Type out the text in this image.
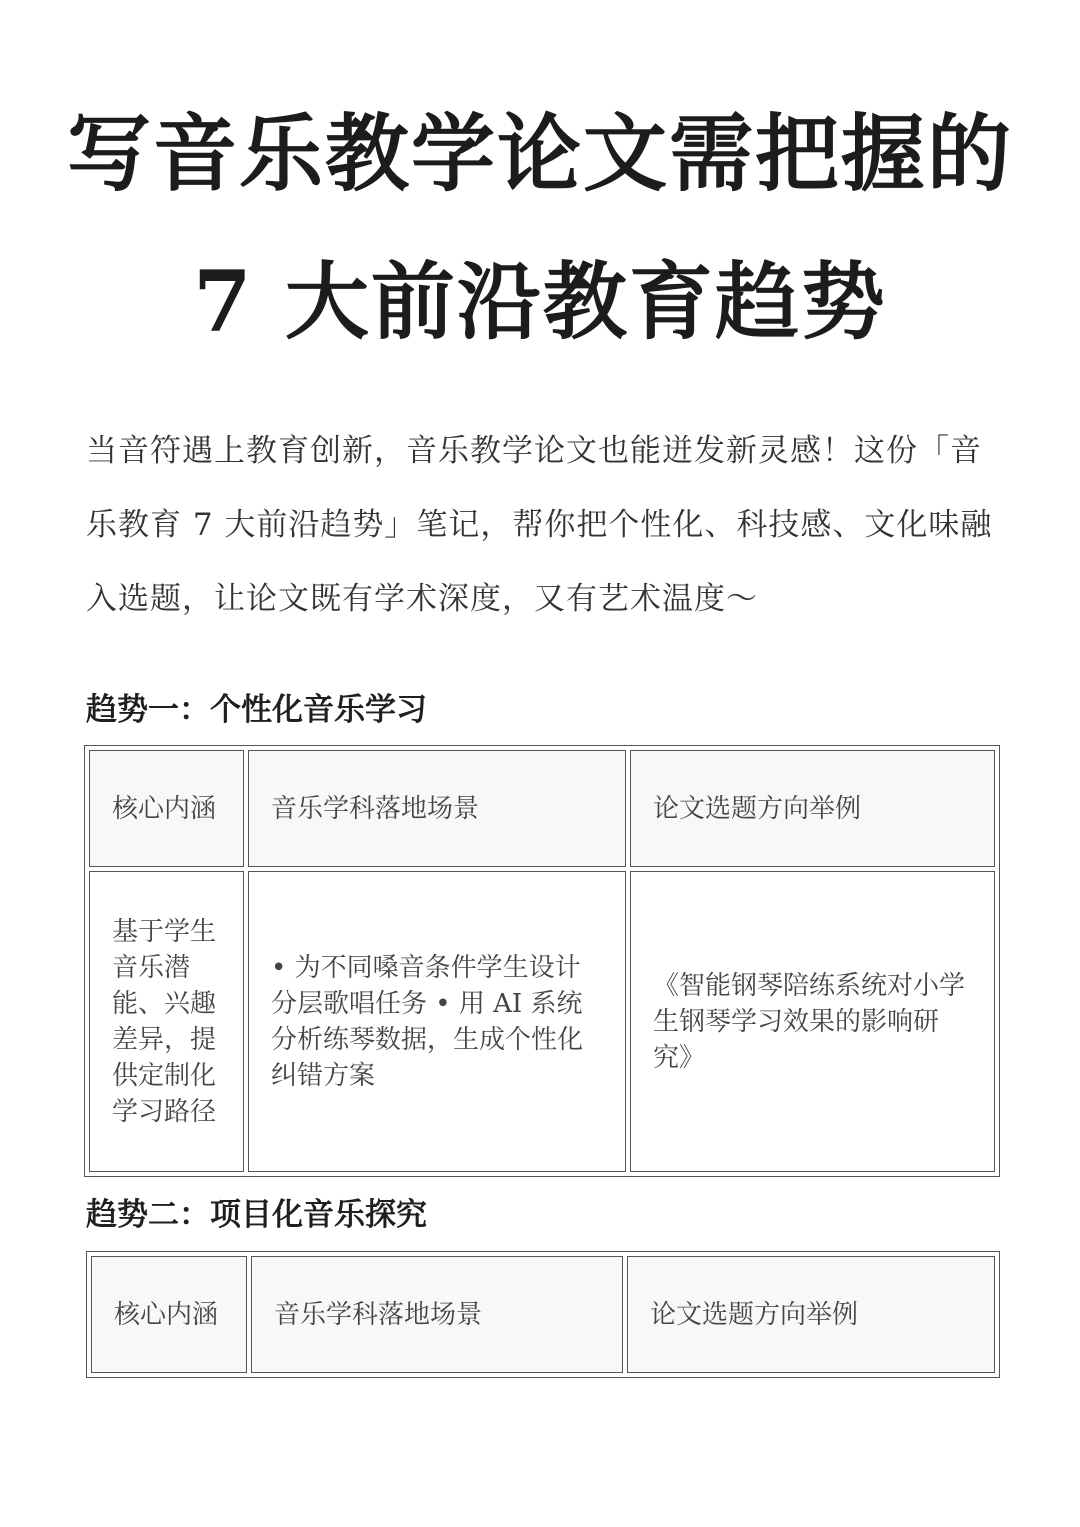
写音乐教学论文需把握的
7 大前沿教育趋势

当音符遇上教育创新，音乐教学论文也能迸发新灵感！这份「音乐教育 7 大前沿趋势」笔记，帮你把个性化、科技感、文化味融入选题，让论文既有学术深度，又有艺术温度～

趋势一：个性化音乐学习
核心内涵	音乐学科落地场景	论文选题方向举例
基于学生音乐潜能、兴趣差异，提供定制化学习路径	• 为不同嗓音条件学生设计分层歌唱任务 • 用 AI 系统分析练琴数据，生成个性化纠错方案	《智能钢琴陪练系统对小学生钢琴学习效果的影响研究》
趋势二：项目化音乐探究
核心内涵	音乐学科落地场景	论文选题方向举例
